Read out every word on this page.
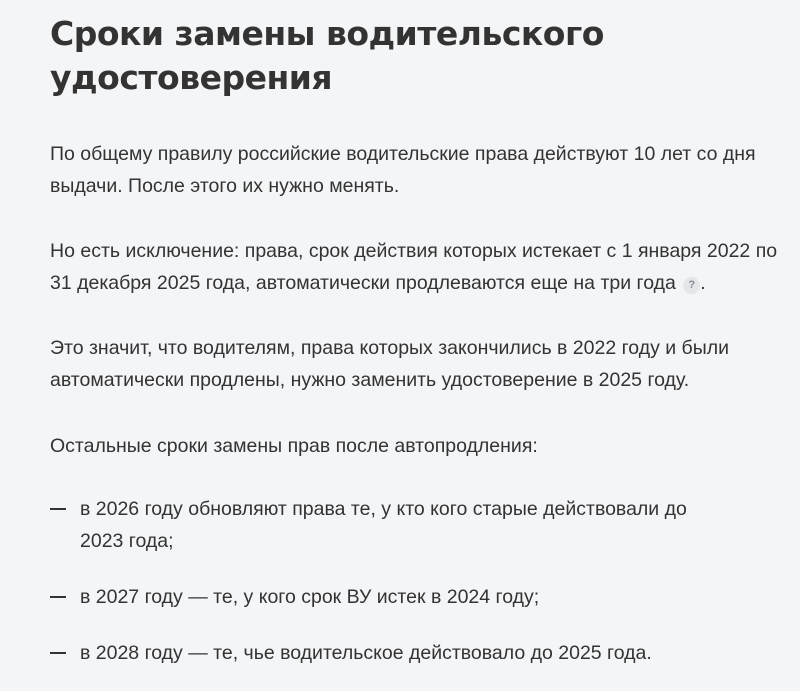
Сроки замены водительского удостоверения

По общему правилу российские водительские права действуют 10 лет со дня выдачи. После этого их нужно менять.

Но есть исключение: права, срок действия которых истекает с 1 января 2022 по 31 декабря 2025 года, автоматически продлеваются еще на три года ? .

Это значит, что водителям, права которых закончились в 2022 году и были автоматически продлены, нужно заменить удостоверение в 2025 году.

Остальные сроки замены прав после автопродления:

в 2026 году обновляют права те, у кто кого старые действовали до 2023 года;
в 2027 году — те, у кого срок ВУ истек в 2024 году;
в 2028 году — те, чье водительское действовало до 2025 года.
